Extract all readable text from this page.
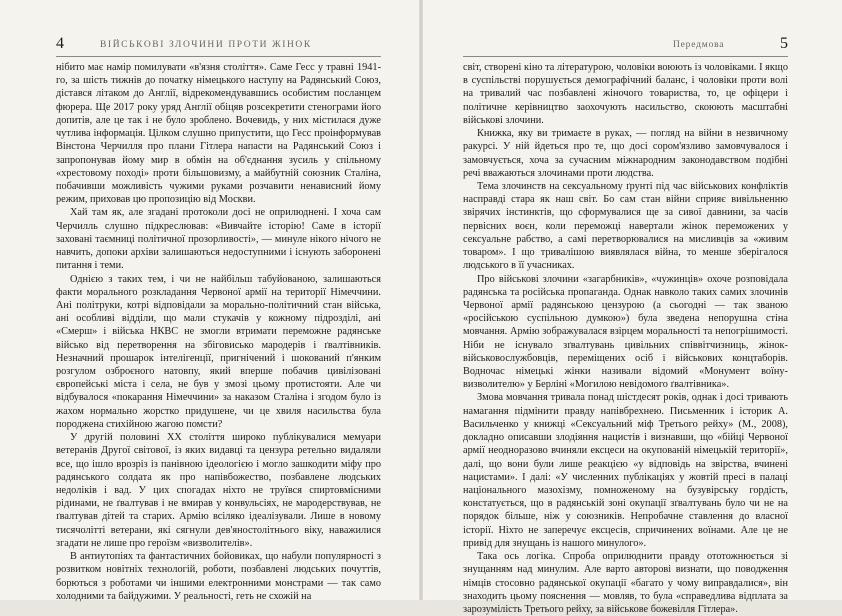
4	ВІЙСЬКОВІ ЗЛОЧИНИ ПРОТИ ЖІНОК

нібито має намір помилувати «в'язня століття». Саме Гесс у травні 1941-го, за шість тижнів до початку німецького наступу на Радянський Союз, дістався літаком до Англії, відрекомендувавшись особистим посланцем фюрера. Ще 2017 року уряд Англії обіцяв розсекретити стенограми його допитів, але це так і не було зроблено. Вочевидь, у них містилася дуже чутлива інформація. Цілком слушно припустити, що Гесс проінформував Вінстона Черчилля про плани Гітлера напасти на Радянський Союз і запропонував йому мир в обмін на об'єднання зусиль у спільному «хрестовому поході» проти більшовизму, а майбутній союзник Сталіна, побачивши можливість чужими руками розчавити ненависний йому режим, приховав цю пропозицію від Москви.

Хай там як, але згадані протоколи досі не оприлюднені. І хоча сам Черчилль слушно підкреслював: «Вивчайте історію! Саме в історії заховані таємниці політичної прозорливості», — минуле нікого нічого не навчить, допоки архіви залишаються недоступними і існують заборонені питання і теми.

Однією з таких тем, і чи не найбільш табуйованою, залишаються факти морального розкладання Червоної армії на території Німеччини. Ані політруки, котрі відповідали за морально-політичний стан війська, ані особливі відділи, що мали стукачів у кожному підрозділі, ані «Смерш» і війська НКВС не змогли втримати переможне радянське військо від перетворення на збіговисько мародерів і ґвалтівників. Незначний прошарок інтелігенції, пригнічений і шокований п'янким розгулом озброєного натовпу, який вперше побачив цивілізовані європейські міста і села, не був у змозі цьому протистояти. Але чи відбувалося «покарання Німеччини» за наказом Сталіна і згодом було із жахом нормально жорстко придушене, чи це хвиля насильства була породжена стихійною жагою помсти?

У другій половині XX століття широко публікувалися мемуари ветеранів Другої світової, із яких видавці та цензура ретельно видаляли все, що ішло врозріз із панівною ідеологією і могло зашкодити міфу про радянського солдата як про напівбожество, позбавлене людських недоліків і вад. У цих спогадах ніхто не труївся спиртовмісними рідинами, не ґвалтував і не вмирав у конвульсіях, не мародерствував, не ґвалтував дітей та старих. Армію всіляко ідеалізували. Лише в новому тисячолітті ветерани, які сягнули дев'яностолітнього віку, наважилися згадати не лише про героїзм «визволителів».

В антиутопіях та фантастичних бойовиках, що набули популярності з розвитком новітніх технологій, роботи, позбавлені людських почуттів, борються з роботами чи іншими електронними монстрами — так само холодними та байдужими. У реальності, геть не схожій на

Передмова	5

світ, створені кіно та літературою, чоловіки воюють із чоловіками. І якщо в суспільстві порушується демографічний баланс, і чоловіки проти волі на тривалий час позбавлені жіночого товариства, то, це офіцери і політичне керівництво заохочують насильство, скоюють масштабні військові злочини.

Книжка, яку ви тримаєте в руках, — погляд на війни в незвичному ракурсі. У ній йдеться про те, що досі сором'язливо замовчувалося і замовчується, хоча за сучасним міжнародним законодавством подібні речі вважаються злочинами проти людства.

Тема злочинств на сексуальному ґрунті під час військових конфліктів насправді стара як наш світ. Бо сам стан війни сприяє вивільненню звірячих інстинктів, що сформувалися ще за сивої давнини, за часів первісних воєн, коли переможці навертали жінок переможених у сексуальне рабство, а самі перетворювалися на мисливців за «живим товаром». І що тривалішою виявлялася війна, то менше зберігалося людського в її учасниках.

Про військові злочини «загарбників», «чужинців» охоче розповідала радянська та російська пропаганда. Однак навколо таких самих злочинів Червоної армії радянською цензурою (а сьогодні — так званою «російською суспільною думкою») була зведена непорушна стіна мовчання. Армію зображувалася взірцем моральності та непогрішимості. Ніби не існувало зґвалтувань цивільних співвітчизниць, жінок-військовослужбовців, переміщених осіб і військових концтаборів. Водночас німецькі жінки називали відомий «Монумент воїну-визволителю» у Берліні «Могилою невідомого ґвалтівника».

Змова мовчання тривала понад шістдесят років, однак і досі тривають намагання підмінити правду напівбрехнею. Письменник і історик А. Васильченко у книжці «Сексуальний міф Третього рейху» (М., 2008), докладно описавши злодіяння нацистів і визнавши, що «бійці Червоної армії неодноразово вчиняли ексцеси на окупованій німецькій території», далі, що вони були лише реакцією «у відповідь на звірства, вчинені нацистами». І далі: «У численних публікаціях у жовтій пресі в палаці національного мазохізму, помноженому на бузувірську гордість, констатується, що в радянській зоні окупації зґвалтувань було чи не на порядок більше, ніж у союзників. Непробачне ставлення до власної історії. Ніхто не заперечує ексцесів, спричинених воїнами. Але це не привід для знущань із нашого минулого».

Така ось логіка. Спроба оприлюднити правду ототожнюється зі знущанням над минулим. Але варто авторові визнати, що поводження німців стосовно радянської окупації «багато у чому виправдалися», він знаходить цьому пояснення — мовляв, то була «справедлива відплата за зарозумілість Третього рейху, за військове божевілля Гітлера».
